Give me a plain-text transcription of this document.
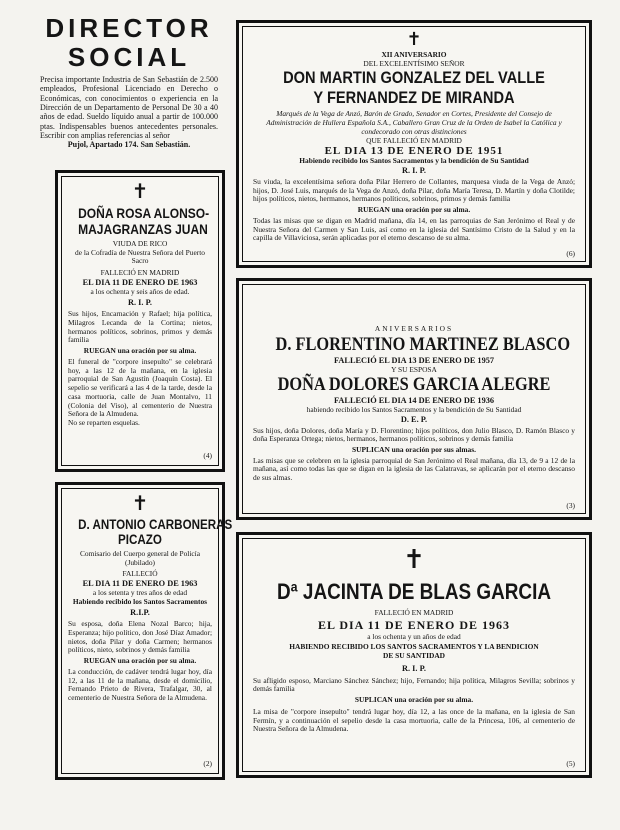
DIRECTOR
SOCIAL

Precisa importante Industria de San Sebastián de 2.500 empleados, Profesional Licenciado en Derecho o Económicas, con conocimientos o experiencia en la Dirección de un Departamento de Personal De 30 a 40 años de edad. Sueldo líquido anual a partir de 100.000 ptas. Indispensables buenos antecedentes personales. Escribir con amplias referencias al señor

Pujol, Apartado 174. San Sebastián.

✝
DOÑA ROSA ALONSO-
MAJAGRANZAS JUAN
VIUDA DE RICO
de la Cofradía de Nuestra Señora del Puerto Sacro
FALLECIÓ EN MADRID
EL DIA 11 DE ENERO DE 1963
a los ochenta y seis años de edad.
R. I. P.

Sus hijos, Encarnación y Rafael; hija política, Milagros Lecanda de la Cortina; nietos, hermanos políticos, sobrinos, primos y demás familia

RUEGAN una oración por su alma.

El funeral de "corpore insepulto" se celebrará hoy, a las 12 de la mañana, en la iglesia parroquial de San Agustín (Joaquín Costa). El sepelio se verificará a las 4 de la tarde, desde la casa mortuoria, calle de Juan Montalvo, 11 (Colonia del Viso), al cementerio de Nuestra Señora de la Almudena.

No se reparten esquelas.
(4)
✝
D. ANTONIO CARBONERAS
PICAZO
Comisario del Cuerpo general de Policía (Jubilado)
FALLECIÓ
EL DIA 11 DE ENERO DE 1963
a los setenta y tres años de edad
Habiendo recibido los Santos Sacramentos
R.I.P.

Su esposa, doña Elena Nozal Barco; hija, Esperanza; hijo político, don José Díaz Amador; nietos, doña Pilar y doña Carmen; hermanos políticos, nieto, sobrinos y demás familia

RUEGAN una oración por su alma.

La conducción, de cadáver tendrá lugar hoy, día 12, a las 11 de la mañana, desde el domicilio, Fernando Prieto de Rivera, Trafalgar, 30, al cementerio de Nuestra Señora de la Almudena.

(2)
✝
XII ANIVERSARIO
DEL EXCELENTÍSIMO SEÑOR
DON MARTIN GONZALEZ DEL VALLE
Y FERNANDEZ DE MIRANDA

Marqués de la Vega de Anzó, Barón de Grado, Senador en Cortes, Presidente del Consejo de Administración de Hullera Española S.A., Caballero Gran Cruz de la Orden de Isabel la Católica y condecorado con otras distinciones

QUE FALLECIÓ EN MADRID
EL DIA 13 DE ENERO DE 1951
Habiendo recibido los Santos Sacramentos y la bendición de Su Santidad
R. I. P.

Su viuda, la excelentísima señora doña Pilar Herrero de Collantes, marquesa viuda de la Vega de Anzó; hijos, D. José Luis, marqués de la Vega de Anzó, doña Pilar, doña María Teresa, D. Martín y doña Clotilde; hijos políticos, nietos, hermanos, hermanos políticos, sobrinos, primos y demás familia

RUEGAN una oración por su alma.

Todas las misas que se digan en Madrid mañana, día 14, en las parroquias de San Jerónimo el Real y de Nuestra Señora del Carmen y San Luis, así como en la iglesia del Santísimo Cristo de la Salud y en la capilla de Villaviciosa, serán aplicadas por el eterno descanso de su alma.

(6)
ANIVERSARIOS
D. FLORENTINO MARTINEZ BLASCO
FALLECIÓ EL DIA 13 DE ENERO DE 1957
Y SU ESPOSA
DOÑA DOLORES GARCIA ALEGRE
FALLECIÓ EL DIA 14 DE ENERO DE 1936
habiendo recibido los Santos Sacramentos y la bendición de Su Santidad
D. E. P.

Sus hijos, doña Dolores, doña María y D. Florentino; hijos políticos, don Julio Blasco, D. Ramón Blasco y doña Esperanza Ortega; nietos, hermanos, hermanos políticos, sobrinos y demás familia

SUPLICAN una oración por sus almas.

Las misas que se celebren en la iglesia parroquial de San Jerónimo el Real mañana, día 13, de 9 a 12 de la mañana, así como todas las que se digan en la iglesia de las Calatravas, se aplicarán por el eterno descanso de sus almas.

(3)
✝
Dª JACINTA DE BLAS GARCIA
FALLECIÓ EN MADRID
EL DIA 11 DE ENERO DE 1963
a los ochenta y un años de edad
HABIENDO RECIBIDO LOS SANTOS SACRAMENTOS Y LA BENDICION
DE SU SANTIDAD
R. I. P.

Su afligido esposo, Marciano Sánchez Sánchez; hijo, Fernando; hija política, Milagros Sevilla; sobrinos y demás familia

SUPLICAN una oración por su alma.

La misa de "corpore insepulto" tendrá lugar hoy, día 12, a las once de la mañana, en la iglesia de San Fermín, y a continuación el sepelio desde la casa mortuoria, calle de la Princesa, 106, al cementerio de Nuestra Señora de la Almudena.

(5)
